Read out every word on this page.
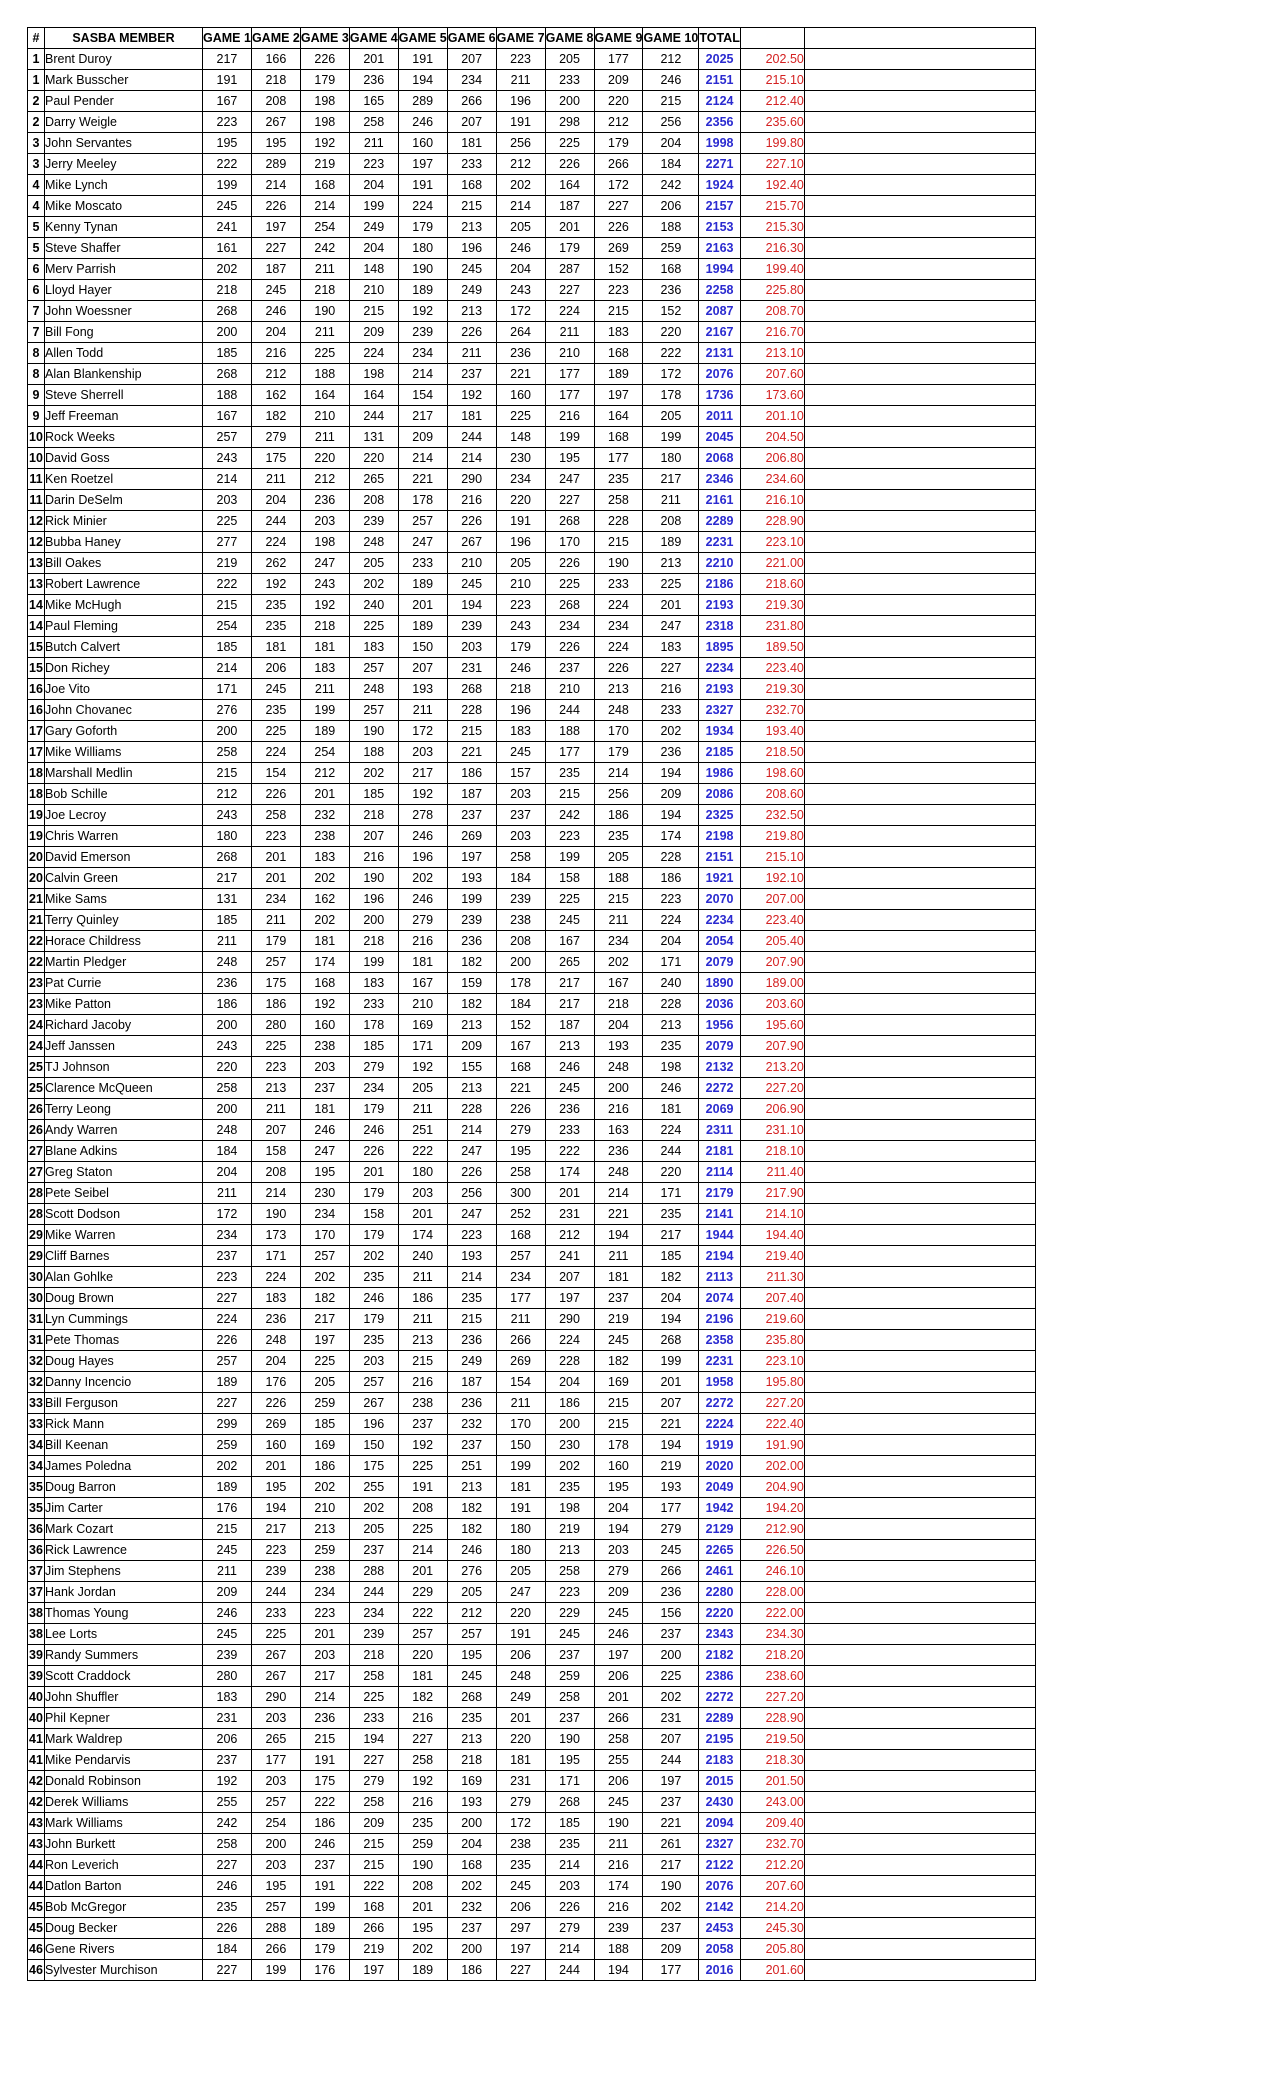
#	SASBA MEMBER	GAME 1	GAME 2	GAME 3	GAME 4	GAME 5	GAME 6	GAME 7	GAME 8	GAME 9	GAME 10	TOTAL		
1	Brent Duroy	217	166	226	201	191	207	223	205	177	212	2025	202.50	
1	Mark Busscher	191	218	179	236	194	234	211	233	209	246	2151	215.10	
2	Paul Pender	167	208	198	165	289	266	196	200	220	215	2124	212.40	
2	Darry Weigle	223	267	198	258	246	207	191	298	212	256	2356	235.60	
3	John Servantes	195	195	192	211	160	181	256	225	179	204	1998	199.80	
3	Jerry Meeley	222	289	219	223	197	233	212	226	266	184	2271	227.10	
4	Mike Lynch	199	214	168	204	191	168	202	164	172	242	1924	192.40	
4	Mike Moscato	245	226	214	199	224	215	214	187	227	206	2157	215.70	
5	Kenny Tynan	241	197	254	249	179	213	205	201	226	188	2153	215.30	
5	Steve Shaffer	161	227	242	204	180	196	246	179	269	259	2163	216.30	
6	Merv Parrish	202	187	211	148	190	245	204	287	152	168	1994	199.40	
6	Lloyd Hayer	218	245	218	210	189	249	243	227	223	236	2258	225.80	
7	John Woessner	268	246	190	215	192	213	172	224	215	152	2087	208.70	
7	Bill Fong	200	204	211	209	239	226	264	211	183	220	2167	216.70	
8	Allen Todd	185	216	225	224	234	211	236	210	168	222	2131	213.10	
8	Alan Blankenship	268	212	188	198	214	237	221	177	189	172	2076	207.60	
9	Steve Sherrell	188	162	164	164	154	192	160	177	197	178	1736	173.60	
9	Jeff Freeman	167	182	210	244	217	181	225	216	164	205	2011	201.10	
10	Rock Weeks	257	279	211	131	209	244	148	199	168	199	2045	204.50	
10	David Goss	243	175	220	220	214	214	230	195	177	180	2068	206.80	
11	Ken Roetzel	214	211	212	265	221	290	234	247	235	217	2346	234.60	
11	Darin DeSelm	203	204	236	208	178	216	220	227	258	211	2161	216.10	
12	Rick Minier	225	244	203	239	257	226	191	268	228	208	2289	228.90	
12	Bubba Haney	277	224	198	248	247	267	196	170	215	189	2231	223.10	
13	Bill Oakes	219	262	247	205	233	210	205	226	190	213	2210	221.00	
13	Robert Lawrence	222	192	243	202	189	245	210	225	233	225	2186	218.60	
14	Mike McHugh	215	235	192	240	201	194	223	268	224	201	2193	219.30	
14	Paul Fleming	254	235	218	225	189	239	243	234	234	247	2318	231.80	
15	Butch Calvert	185	181	181	183	150	203	179	226	224	183	1895	189.50	
15	Don Richey	214	206	183	257	207	231	246	237	226	227	2234	223.40	
16	Joe Vito	171	245	211	248	193	268	218	210	213	216	2193	219.30	
16	John Chovanec	276	235	199	257	211	228	196	244	248	233	2327	232.70	
17	Gary Goforth	200	225	189	190	172	215	183	188	170	202	1934	193.40	
17	Mike Williams	258	224	254	188	203	221	245	177	179	236	2185	218.50	
18	Marshall Medlin	215	154	212	202	217	186	157	235	214	194	1986	198.60	
18	Bob Schille	212	226	201	185	192	187	203	215	256	209	2086	208.60	
19	Joe Lecroy	243	258	232	218	278	237	237	242	186	194	2325	232.50	
19	Chris Warren	180	223	238	207	246	269	203	223	235	174	2198	219.80	
20	David Emerson	268	201	183	216	196	197	258	199	205	228	2151	215.10	
20	Calvin Green	217	201	202	190	202	193	184	158	188	186	1921	192.10	
21	Mike Sams	131	234	162	196	246	199	239	225	215	223	2070	207.00	
21	Terry Quinley	185	211	202	200	279	239	238	245	211	224	2234	223.40	
22	Horace Childress	211	179	181	218	216	236	208	167	234	204	2054	205.40	
22	Martin Pledger	248	257	174	199	181	182	200	265	202	171	2079	207.90	
23	Pat Currie	236	175	168	183	167	159	178	217	167	240	1890	189.00	
23	Mike Patton	186	186	192	233	210	182	184	217	218	228	2036	203.60	
24	Richard Jacoby	200	280	160	178	169	213	152	187	204	213	1956	195.60	
24	Jeff Janssen	243	225	238	185	171	209	167	213	193	235	2079	207.90	
25	TJ Johnson	220	223	203	279	192	155	168	246	248	198	2132	213.20	
25	Clarence McQueen	258	213	237	234	205	213	221	245	200	246	2272	227.20	
26	Terry Leong	200	211	181	179	211	228	226	236	216	181	2069	206.90	
26	Andy Warren	248	207	246	246	251	214	279	233	163	224	2311	231.10	
27	Blane Adkins	184	158	247	226	222	247	195	222	236	244	2181	218.10	
27	Greg Staton	204	208	195	201	180	226	258	174	248	220	2114	211.40	
28	Pete Seibel	211	214	230	179	203	256	300	201	214	171	2179	217.90	
28	Scott Dodson	172	190	234	158	201	247	252	231	221	235	2141	214.10	
29	Mike Warren	234	173	170	179	174	223	168	212	194	217	1944	194.40	
29	Cliff Barnes	237	171	257	202	240	193	257	241	211	185	2194	219.40	
30	Alan Gohlke	223	224	202	235	211	214	234	207	181	182	2113	211.30	
30	Doug Brown	227	183	182	246	186	235	177	197	237	204	2074	207.40	
31	Lyn Cummings	224	236	217	179	211	215	211	290	219	194	2196	219.60	
31	Pete Thomas	226	248	197	235	213	236	266	224	245	268	2358	235.80	
32	Doug Hayes	257	204	225	203	215	249	269	228	182	199	2231	223.10	
32	Danny Incencio	189	176	205	257	216	187	154	204	169	201	1958	195.80	
33	Bill Ferguson	227	226	259	267	238	236	211	186	215	207	2272	227.20	
33	Rick Mann	299	269	185	196	237	232	170	200	215	221	2224	222.40	
34	Bill Keenan	259	160	169	150	192	237	150	230	178	194	1919	191.90	
34	James Poledna	202	201	186	175	225	251	199	202	160	219	2020	202.00	
35	Doug Barron	189	195	202	255	191	213	181	235	195	193	2049	204.90	
35	Jim Carter	176	194	210	202	208	182	191	198	204	177	1942	194.20	
36	Mark Cozart	215	217	213	205	225	182	180	219	194	279	2129	212.90	
36	Rick Lawrence	245	223	259	237	214	246	180	213	203	245	2265	226.50	
37	Jim Stephens	211	239	238	288	201	276	205	258	279	266	2461	246.10	
37	Hank Jordan	209	244	234	244	229	205	247	223	209	236	2280	228.00	
38	Thomas Young	246	233	223	234	222	212	220	229	245	156	2220	222.00	
38	Lee Lorts	245	225	201	239	257	257	191	245	246	237	2343	234.30	
39	Randy Summers	239	267	203	218	220	195	206	237	197	200	2182	218.20	
39	Scott Craddock	280	267	217	258	181	245	248	259	206	225	2386	238.60	
40	John Shuffler	183	290	214	225	182	268	249	258	201	202	2272	227.20	
40	Phil Kepner	231	203	236	233	216	235	201	237	266	231	2289	228.90	
41	Mark Waldrep	206	265	215	194	227	213	220	190	258	207	2195	219.50	
41	Mike Pendarvis	237	177	191	227	258	218	181	195	255	244	2183	218.30	
42	Donald Robinson	192	203	175	279	192	169	231	171	206	197	2015	201.50	
42	Derek Williams	255	257	222	258	216	193	279	268	245	237	2430	243.00	
43	Mark Williams	242	254	186	209	235	200	172	185	190	221	2094	209.40	
43	John Burkett	258	200	246	215	259	204	238	235	211	261	2327	232.70	
44	Ron Leverich	227	203	237	215	190	168	235	214	216	217	2122	212.20	
44	Datlon Barton	246	195	191	222	208	202	245	203	174	190	2076	207.60	
45	Bob McGregor	235	257	199	168	201	232	206	226	216	202	2142	214.20	
45	Doug Becker	226	288	189	266	195	237	297	279	239	237	2453	245.30	
46	Gene Rivers	184	266	179	219	202	200	197	214	188	209	2058	205.80	
46	Sylvester Murchison	227	199	176	197	189	186	227	244	194	177	2016	201.60	
